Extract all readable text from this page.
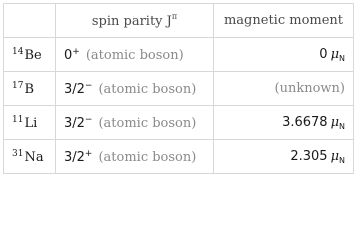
	spin parity $J^\pi$	magnetic moment
$^{14}$Be	0+ (atomic boson)	0 $\mu_N$
$^{17}$B	3/2− (atomic boson)	(unknown)
$^{11}$Li	3/2− (atomic boson)	3.6678 $\mu_N$
$^{31}$Na	3/2+ (atomic boson)	2.305 $\mu_N$
